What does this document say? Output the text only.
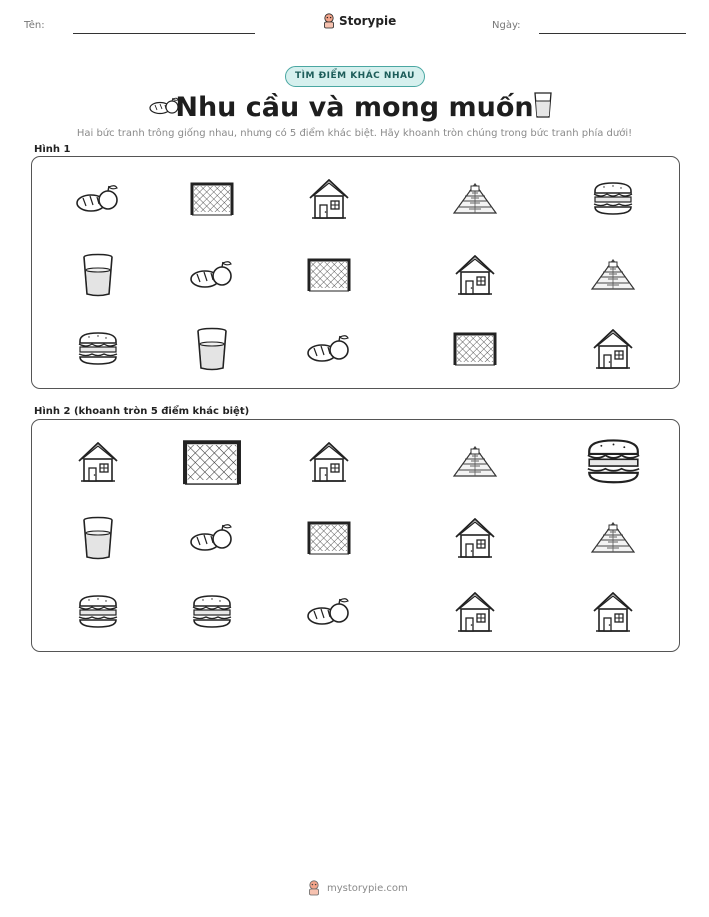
Tên:	Storypie	Ngày:
TÌM ĐIỂM KHÁC NHAU
Nhu cầu và mong muốn
Hai bức tranh trông giống nhau, nhưng có 5 điểm khác biệt. Hãy khoanh tròn chúng trong bức tranh phía dưới!
Hình 1
Hình 2 (khoanh tròn 5 điểm khác biệt)
mystorypie.com
